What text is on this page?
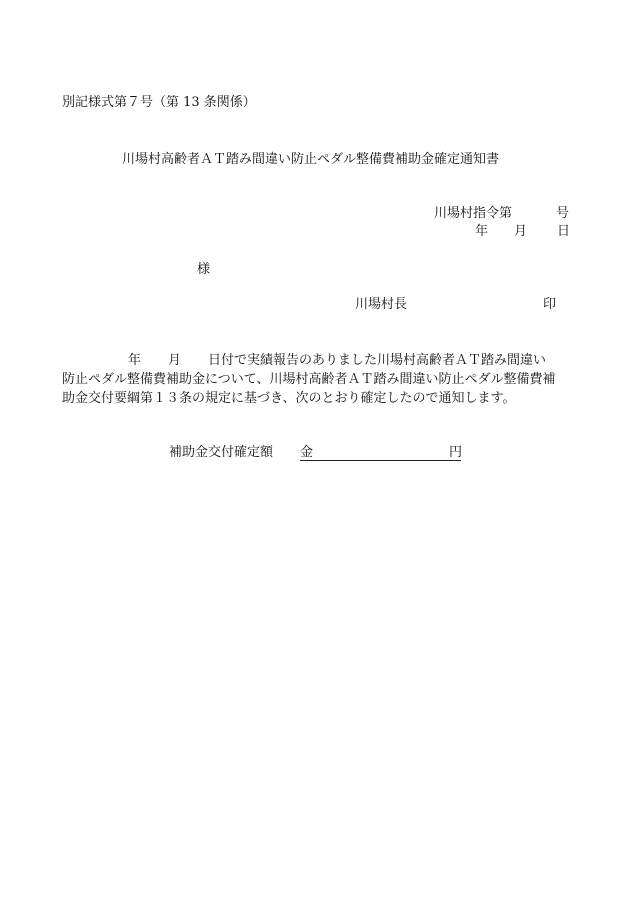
別記様式第７号（第 13 条関係）
川場村高齢者ＡＴ踏み間違い防止ペダル整備費補助金確定通知書
川場村指令第	号
年 月 日
様
川場村長	印
年 月 日付で実績報告のありました川場村高齢者ＡＴ踏み間違い
防止ペダル整備費補助金について、川場村高齢者ＡＴ踏み間違い防止ペダル整備費補
助金交付要綱第１３条の規定に基づき、次のとおり確定したので通知します。
補助金交付確定額 金	円
